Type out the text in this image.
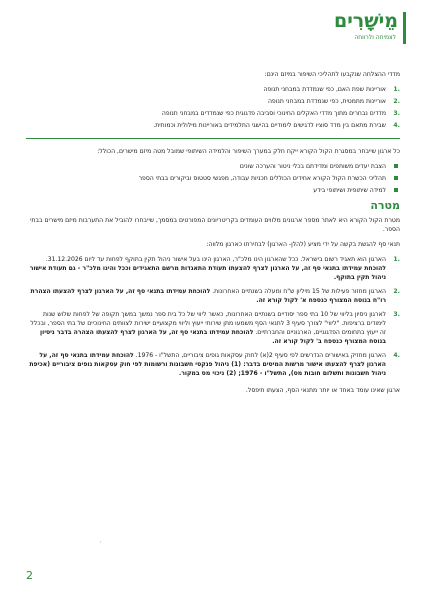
מֵישָׁרִים
לצמיחה ולרווחה

מדדי ההצלחה שנקבעו לתהליכי השיפור במיזם הינם:

.1
אוריינות שפת האם, כפי שנמדדת במבחני תנופה
.2
אוריינות מתמטית, כפי שנמדדת במבחני תנופה
.3
מדדים נבחרים מתוך מדדי האקלים החינוכי וסביבה פדגוגית כפי שנמדדים במבחני תנופה
.4
שבירת מתאם בין מדד סוציו לדגישים לימודיים בהישגי התלמידים באוריינות מילולית וכמותית.

כל ארגון שייבחר במסגרת הקול הקורא ייקח חלק במערך השיפור והלמידה השיתופי שמובל מטה מיזם מישרים, הכולל:

הצבת יעדים משותפים ומדידתם בכלי ניטור והערכה שונים
תהליכי הכשרת הקול הקורא אחידים הכוללים תכניות עבודה, מפגשי סטטוס וביקורים בבתי הספר
למידה שיתופית ושיתופי בידע
מטרה

מטרת הקול הקורא היא לאתר מספר ארגונים מלווים העומדים בקריטריונים המפורטים במסמך, שייבחרו להוביל את התערבות מיזם מישרים בבתי הספר.

תנאי סף להגשת בקשה על ידי מציע (להלן- הארגון) לבחירתו כארגון מלווה:

.1
הארגון הוא תאגיד רשום בישראל. ככל שהארגון הינו מלכ"ר, הארגון הינו בעל אישור ניהול תקין בתוקף לפחות עד ליום 31.12.2026. להוכחת עמידתו בתנאי סף זה, על הארגון לצרף להצעתו תעודת התאגדות מרשם התאגידים וככל והינו מלכ"ר - גם תעודת אישור ניהול תקין בתוקף.
.2
הארגון מחזור פעילות של 15 מיליון ש"ח ומעלה בשנתיים האחרונות. להוכחת עמידתו בתנאי סף זה, על הארגון לצרף להצעתו הצהרת רו"ח בנוסח המצורף כנספח א' לקול קורא זה.
.3
לארגון ניסיון בליווי של 10 בתי ספר יסודיים בשנתיים האחרונות, כאשר ליווי של כל בית ספר נמשך במשך תקופה של לפחות שלוש שנות לימודים ברציפות. "ליווי" לצורך סעיף 3 לתנאי הסף משמעו מתן שירותי ייעוץ וליווי מקצועיים ישירות לצוותים החינוכיים של בתי הספר, ובכלל זה ייעוץ בתחומים הפדגוגיים, הארגוניים והחברתיים. להוכחת עמידתו בתנאי סף זה, על הארגון לצרף להצעתו הצהרה בדבר ניסיון בנוסח המצורף כנספח ב' לקול קורא זה.
.4
הארגון מחזיק באישורים הנדרשים לפי סעיף 2(א) לחוק עסקאות גופים ציבוריים, התשל"ו - 1976. להוכחת עמידתו בתנאי סף זה, על הארגון לצרף להצעתו אישור מרשות המיסים בדבר: (1) ניהול פנקסי חשבונות ורשומות לפי חוק עסקאות גופים ציבוריים (אכיפת ניהול חשבונות ותשלום חובות מס), התשל"ו - 1976; (2) ניכוי מס במקור.

ארגון שאינו עומד באחד או יותר מתנאי הסף, הצעתו תיפסל.

,
2
